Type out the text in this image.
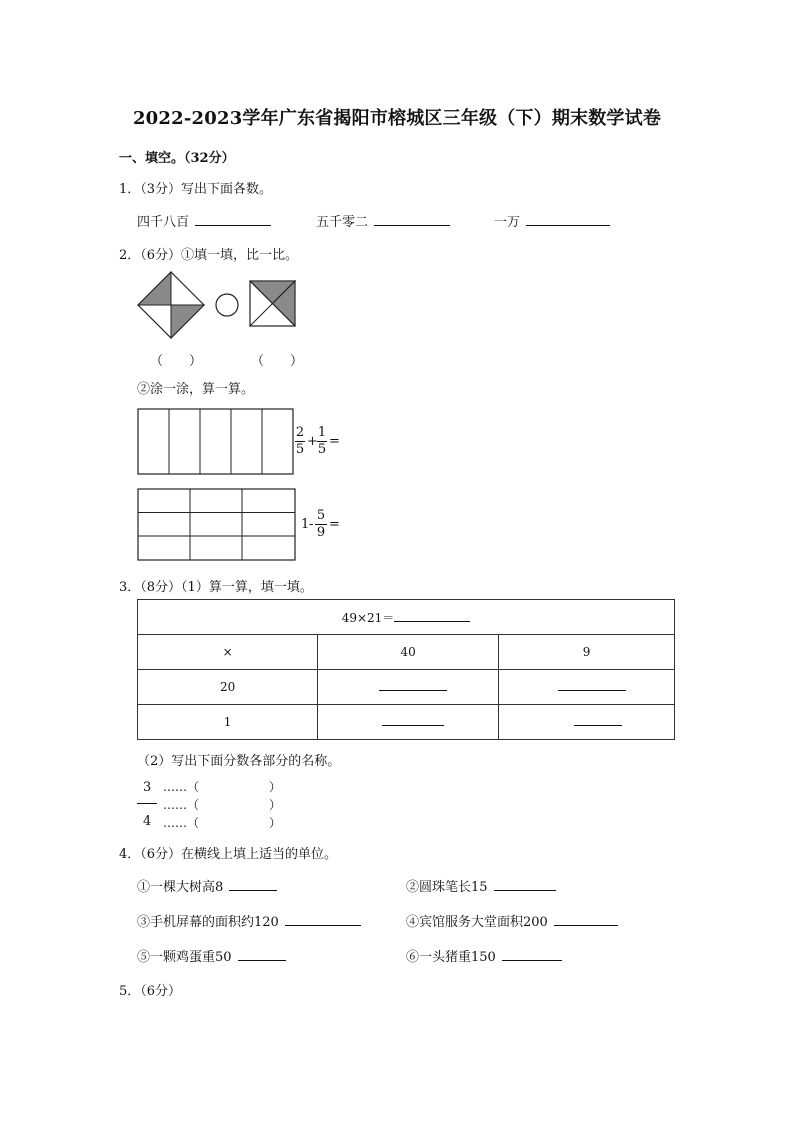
2022-2023学年广东省揭阳市榕城区三年级（下）期末数学试卷
一、填空。（32分）
1．（3分）写出下面各数。
四千八百	五千零二	一万
2．（6分）①填一填，比一比。
（　　）	（　　）
②涂一涂，算一算。
2
5
+
1
5
=
1 -
5
9
=
3．（8分）（1）算一算，填一填。
49×21＝		
×	40	9
20		
1		
（2）写出下面分数各部分的名称。
3
4
……（
……（
……（
）
）
）
4．（6分）在横线上填上适当的单位。
①一棵大树高8	②圆珠笔长15
③手机屏幕的面积约120	④宾馆服务大堂面积200
⑤一颗鸡蛋重50	⑥一头猪重150
5．（6分）
